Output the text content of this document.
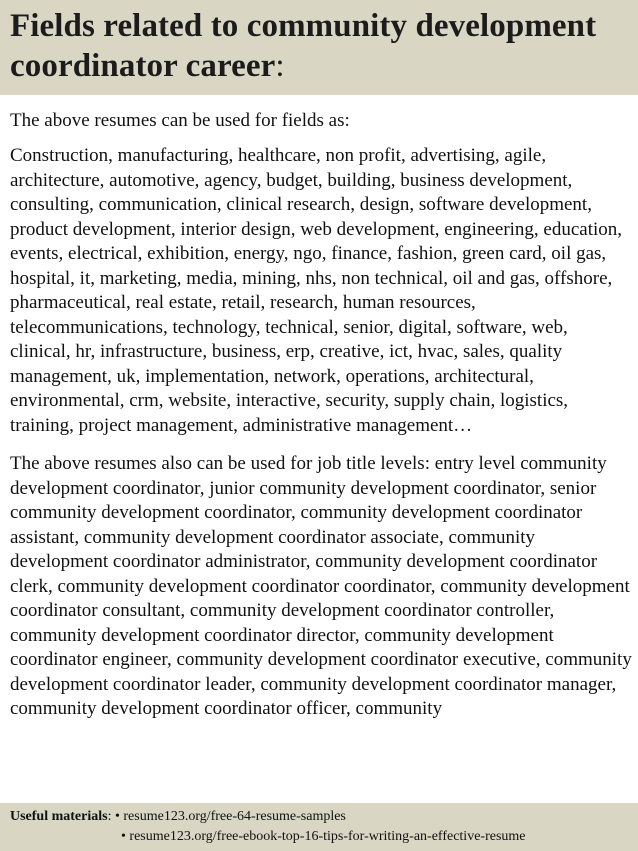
Fields related to community development
coordinator career:

The above resumes can be used for fields as:

Construction, manufacturing, healthcare, non profit, advertising, agile, architecture, automotive, agency, budget, building, business development, consulting, communication, clinical research, design, software development, product development, interior design, web development, engineering, education, events, electrical, exhibition, energy, ngo, finance, fashion, green card, oil gas, hospital, it, marketing, media, mining, nhs, non technical, oil and gas, offshore, pharmaceutical, real estate, retail, research, human resources, telecommunications, technology, technical, senior, digital, software, web, clinical, hr, infrastructure, business, erp, creative, ict, hvac, sales, quality management, uk, implementation, network, operations, architectural, environmental, crm, website, interactive, security, supply chain, logistics, training, project management, administrative management…

The above resumes also can be used for job title levels: entry level community development coordinator, junior community development coordinator, senior community development coordinator, community development coordinator assistant, community development coordinator associate, community development coordinator administrator, community development coordinator clerk, community development coordinator coordinator, community development coordinator consultant, community development coordinator controller, community development coordinator director, community development coordinator engineer, community development coordinator executive, community development coordinator leader, community development coordinator manager, community development coordinator officer, community

Useful materials: • resume123.org/free-64-resume-samples
• resume123.org/free-ebook-top-16-tips-for-writing-an-effective-resume
